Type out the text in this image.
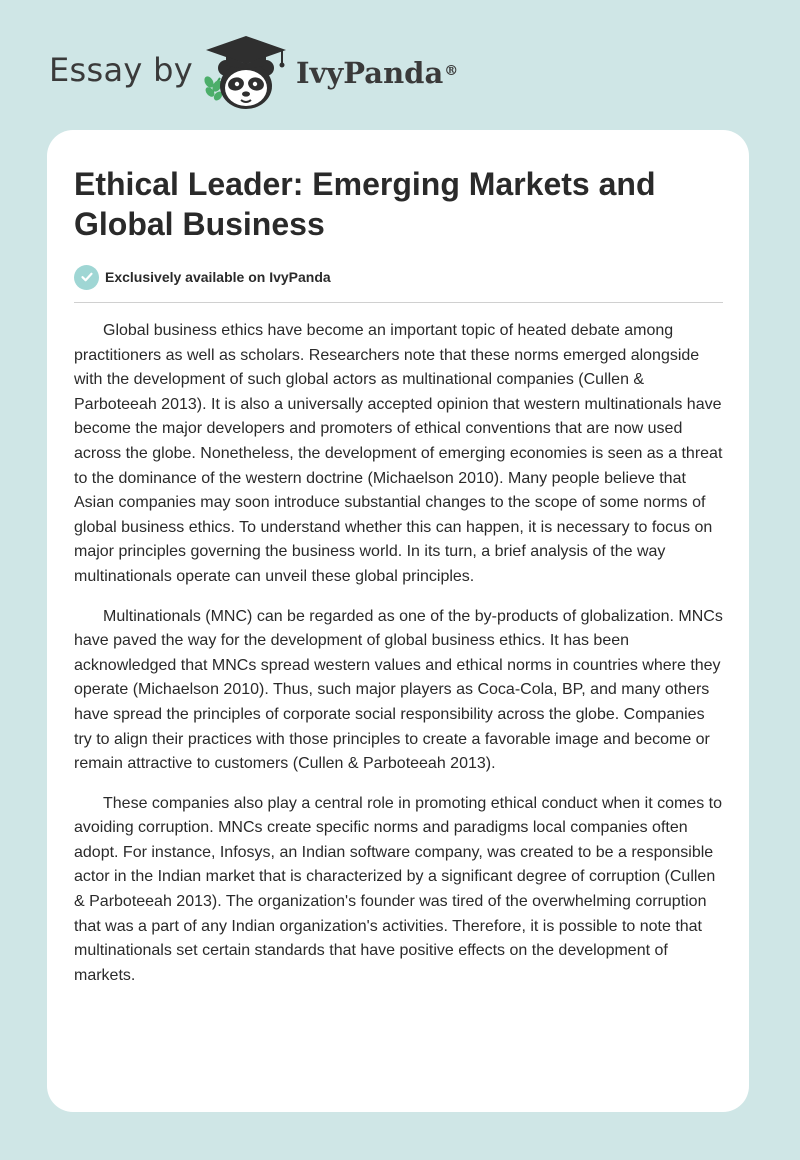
Essay by	IvyPanda®
Ethical Leader: Emerging Markets and Global Business
Exclusively available on IvyPanda

Global business ethics have become an important topic of heated debate among practitioners as well as scholars. Researchers note that these norms emerged alongside with the development of such global actors as multinational companies (Cullen & Parboteeah 2013). It is also a universally accepted opinion that western multinationals have become the major developers and promoters of ethical conventions that are now used across the globe. Nonetheless, the development of emerging economies is seen as a threat to the dominance of the western doctrine (Michaelson 2010). Many people believe that Asian companies may soon introduce substantial changes to the scope of some norms of global business ethics. To understand whether this can happen, it is necessary to focus on major principles governing the business world. In its turn, a brief analysis of the way multinationals operate can unveil these global principles.

Multinationals (MNC) can be regarded as one of the by-products of globalization. MNCs have paved the way for the development of global business ethics. It has been acknowledged that MNCs spread western values and ethical norms in countries where they operate (Michaelson 2010). Thus, such major players as Coca-Cola, BP, and many others have spread the principles of corporate social responsibility across the globe. Companies try to align their practices with those principles to create a favorable image and become or remain attractive to customers (Cullen & Parboteeah 2013).

These companies also play a central role in promoting ethical conduct when it comes to avoiding corruption. MNCs create specific norms and paradigms local companies often adopt. For instance, Infosys, an Indian software company, was created to be a responsible actor in the Indian market that is characterized by a significant degree of corruption (Cullen & Parboteeah 2013). The organization's founder was tired of the overwhelming corruption that was a part of any Indian organization's activities. Therefore, it is possible to note that multinationals set certain standards that have positive effects on the development of markets.
